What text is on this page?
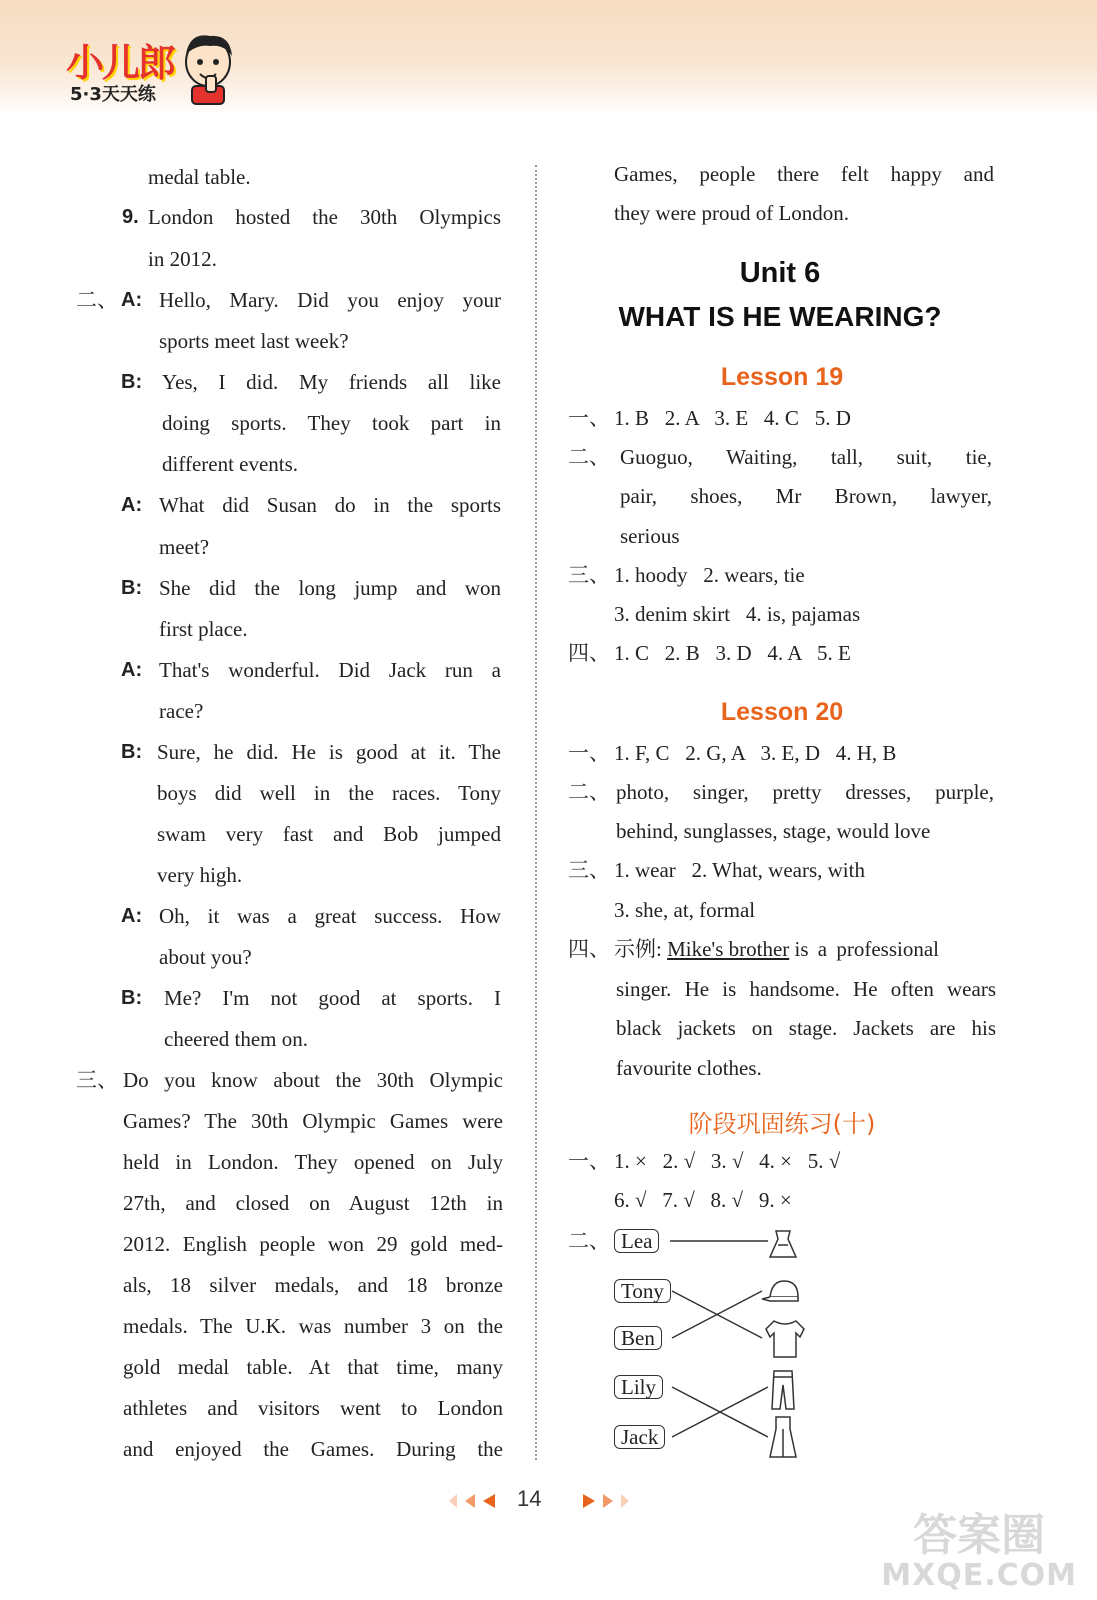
小儿郎
5·3天天练
medal table.
9. London hosted the 30th Olympics
in 2012.
二、 A: Hello, Mary. Did you enjoy your
sports meet last week?
B: Yes, I did. My friends all like
doing sports. They took part in
different events.
A: What did Susan do in the sports
meet?
B: She did the long jump and won
first place.
A: That's wonderful. Did Jack run a
race?
B: Sure, he did. He is good at it. The
boys did well in the races. Tony
swam very fast and Bob jumped
very high.
A: Oh, it was a great success. How
about you?
B: Me? I'm not good at sports. I
cheered them on.
三、 Do you know about the 30th Olympic
Games? The 30th Olympic Games were
held in London. They opened on July
27th, and closed on August 12th in
2012. English people won 29 gold med-
als, 18 silver medals, and 18 bronze
medals. The U.K. was number 3 on the
gold medal table. At that time, many
athletes and visitors went to London
and enjoyed the Games. During the
Games, people there felt happy and
they were proud of London.
Unit 6
WHAT IS HE WEARING?
Lesson 19
一、 1. B   2. A   3. E   4. C   5. D
二、 Guoguo, Waiting, tall, suit, tie,
pair, shoes, Mr Brown, lawyer,
serious
三、 1. hoody   2. wears, tie
3. denim skirt   4. is, pajamas
四、 1. C   2. B   3. D   4. A   5. E
Lesson 20
一、 1. F, C   2. G, A   3. E, D   4. H, B
二、 photo, singer, pretty dresses, purple,
behind, sunglasses, stage, would love
三、 1. wear   2. What, wears, with
3. she, at, formal
四、 示例: Mike's brother is a professional
singer. He is handsome. He often wears
black jackets on stage. Jackets are his
favourite clothes.
阶段巩固练习(十)
一、 1. ×   2. √   3. √   4. ×   5. √
6. √   7. √   8. √   9. ×
二、 Lea
Tony
Ben
Lily
Jack
14
答案圈
MXQE.COM
